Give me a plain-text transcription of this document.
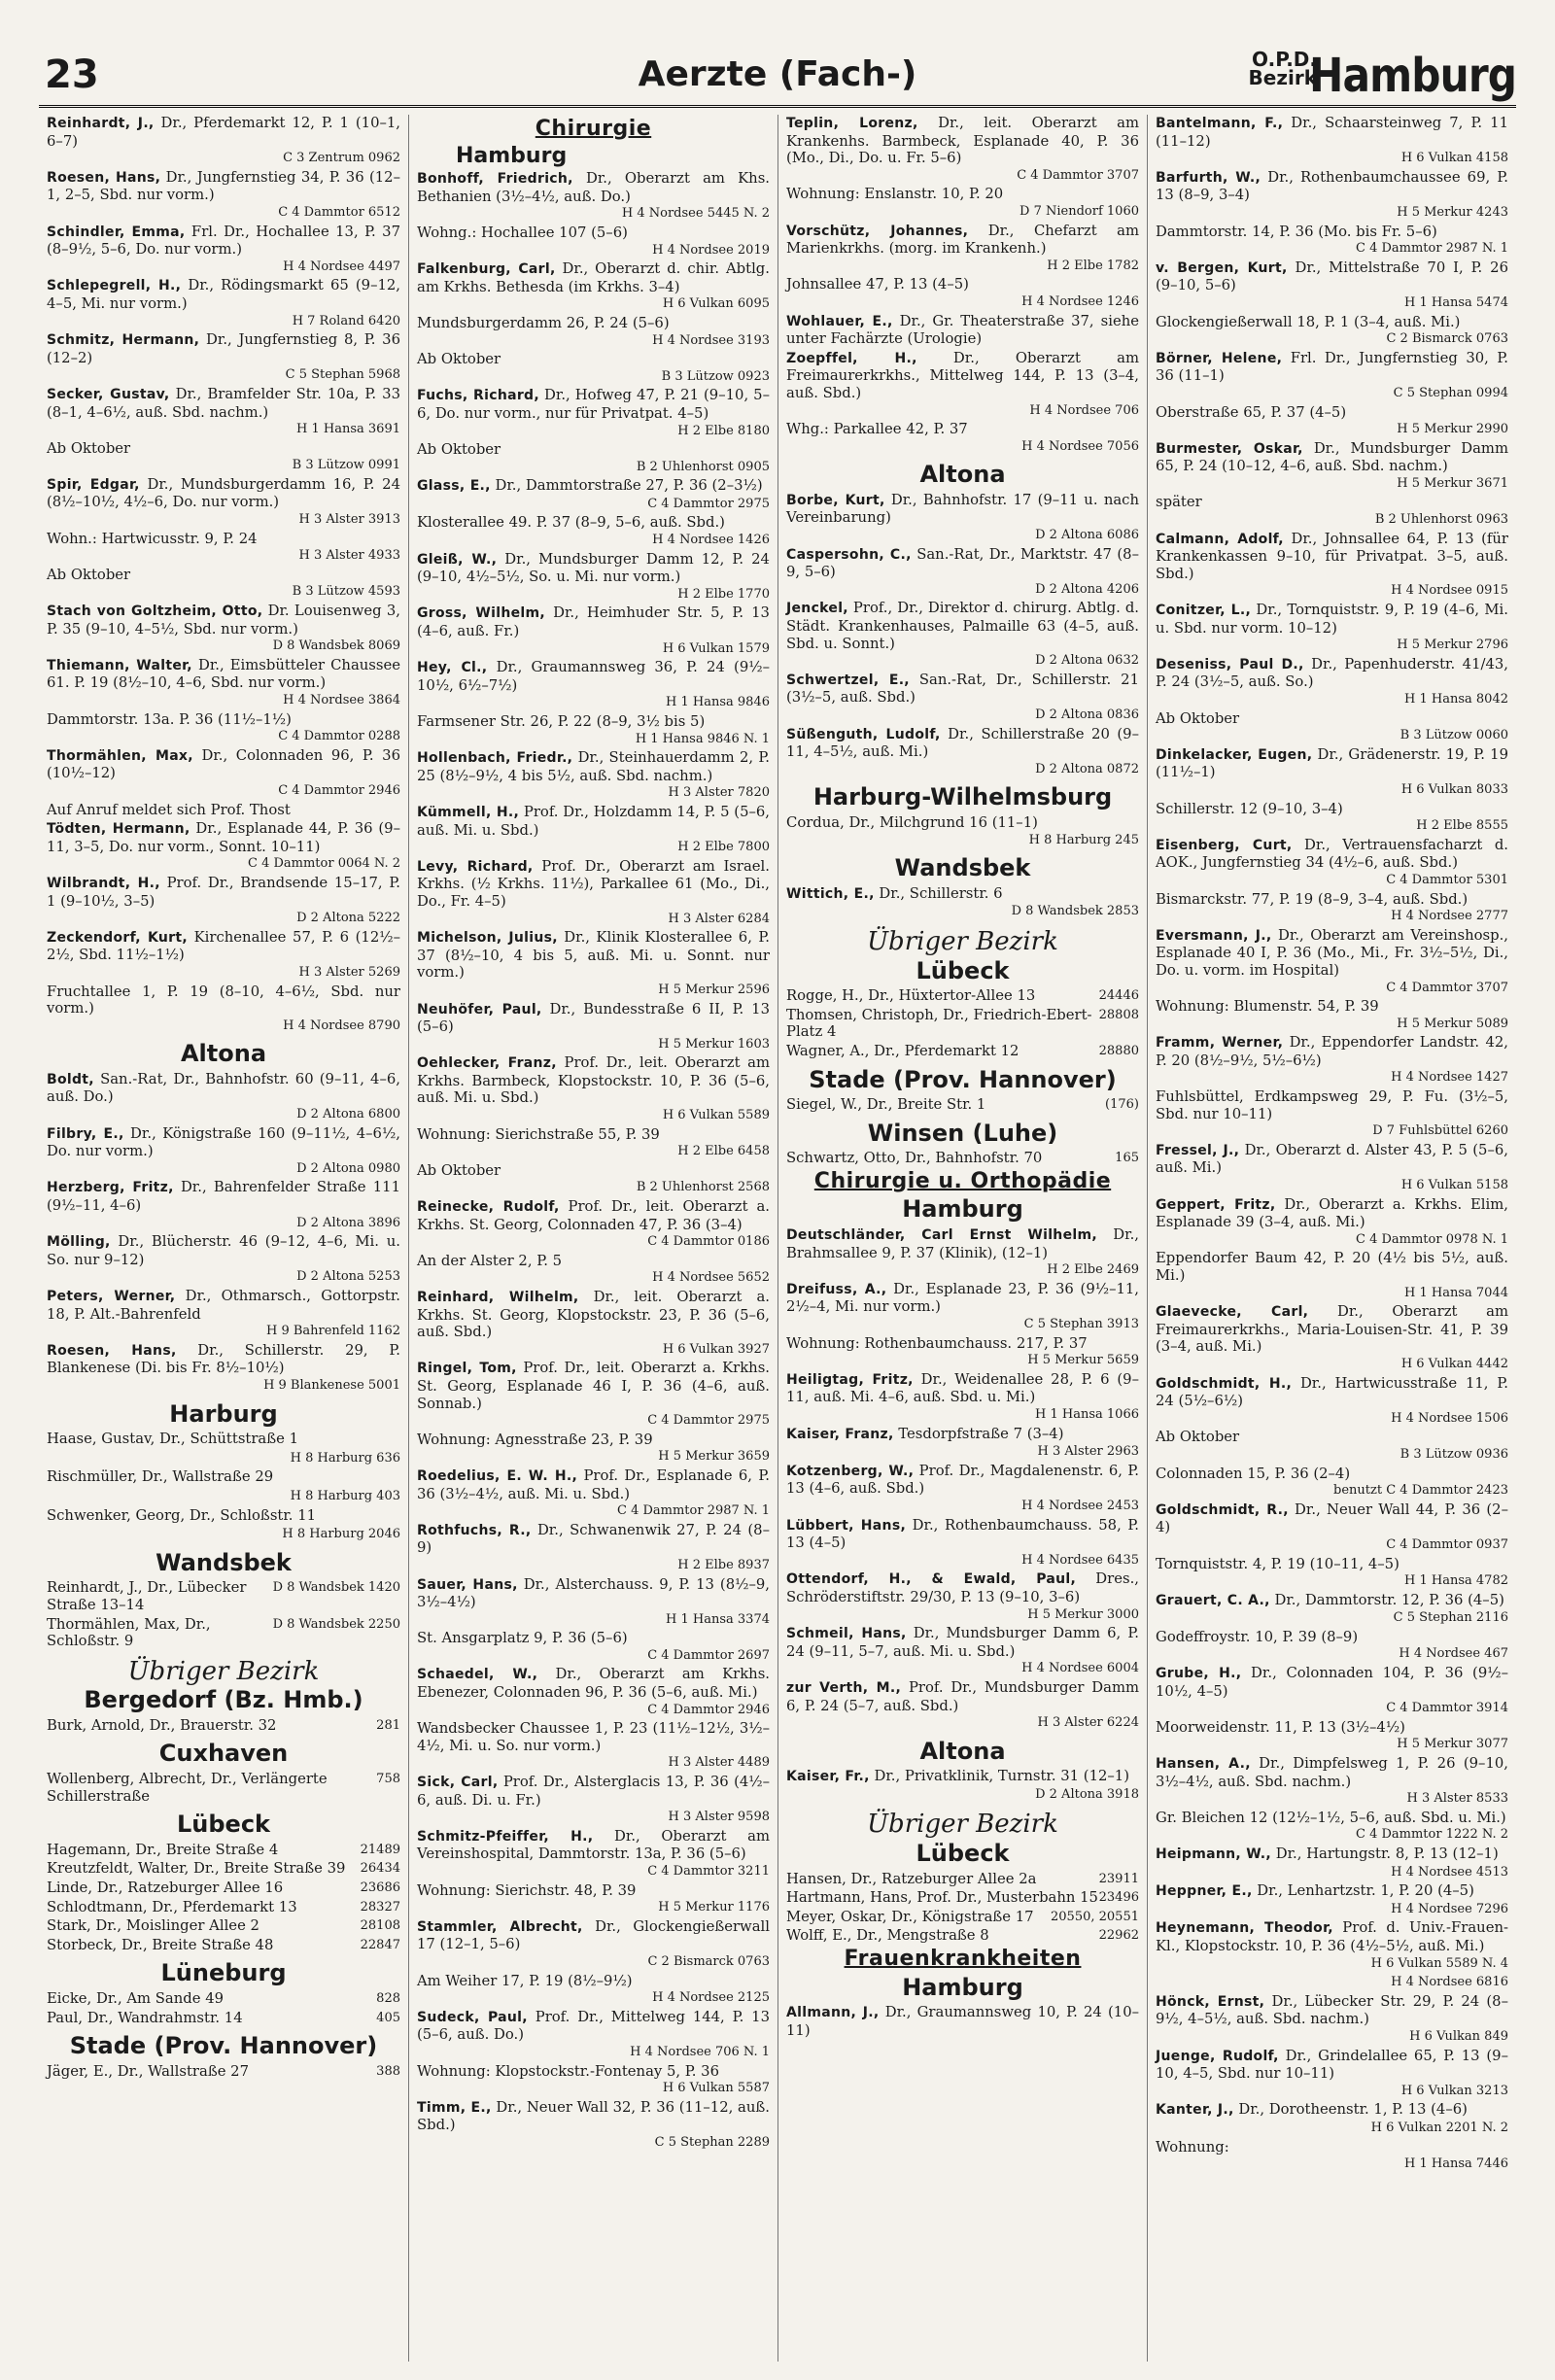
23	Aerzte (Fach-)	O.P.D.
Bezirk
Hamburg
Reinhardt, J., Dr., Pferdemarkt 12, P. 1 (10–1, 6–7)
C 3 Zentrum 0962
Roesen, Hans, Dr., Jungfernstieg 34, P. 36 (12–1, 2–5, Sbd. nur vorm.)
C 4 Dammtor 6512
Schindler, Emma, Frl. Dr., Hochallee 13, P. 37 (8–9½, 5–6, Do. nur vorm.)
H 4 Nordsee 4497
Schlepegrell, H., Dr., Rödingsmarkt 65 (9–12, 4–5, Mi. nur vorm.)
H 7 Roland 6420
Schmitz, Hermann, Dr., Jungfernstieg 8, P. 36 (12–2)
C 5 Stephan 5968
Secker, Gustav, Dr., Bramfelder Str. 10a, P. 33 (8–1, 4–6½, auß. Sbd. nachm.)
H 1 Hansa 3691
Ab Oktober
B 3 Lützow 0991
Spir, Edgar, Dr., Mundsburgerdamm 16, P. 24 (8½–10½, 4½–6, Do. nur vorm.)
H 3 Alster 3913
Wohn.: Hartwicusstr. 9, P. 24
H 3 Alster 4933
Ab Oktober
B 3 Lützow 4593
Stach von Goltzheim, Otto, Dr. Louisenweg 3, P. 35 (9–10, 4–5½, Sbd. nur vorm.)
D 8 Wandsbek 8069
Thiemann, Walter, Dr., Eimsbütteler Chaussee 61. P. 19 (8½–10, 4–6, Sbd. nur vorm.)
H 4 Nordsee 3864
Dammtorstr. 13a. P. 36 (11½–1½)
C 4 Dammtor 0288
Thormählen, Max, Dr., Colonnaden 96, P. 36 (10½–12)
C 4 Dammtor 2946
Auf Anruf meldet sich Prof. Thost
Tödten, Hermann, Dr., Esplanade 44, P. 36 (9–11, 3–5, Do. nur vorm., Sonnt. 10–11)
C 4 Dammtor 0064 N. 2
Wilbrandt, H., Prof. Dr., Brandsende 15–17, P. 1 (9–10½, 3–5)
D 2 Altona 5222
Zeckendorf, Kurt, Kirchenallee 57, P. 6 (12½–2½, Sbd. 11½–1½)
H 3 Alster 5269
Fruchtallee 1, P. 19 (8–10, 4–6½, Sbd. nur vorm.)
H 4 Nordsee 8790
Altona
Boldt, San.-Rat, Dr., Bahnhofstr. 60 (9–11, 4–6, auß. Do.)
D 2 Altona 6800
Filbry, E., Dr., Königstraße 160 (9–11½, 4–6½, Do. nur vorm.)
D 2 Altona 0980
Herzberg, Fritz, Dr., Bahrenfelder Straße 111 (9½–11, 4–6)
D 2 Altona 3896
Mölling, Dr., Blücherstr. 46 (9–12, 4–6, Mi. u. So. nur 9–12)
D 2 Altona 5253
Peters, Werner, Dr., Othmarsch., Gottorpstr. 18, P. Alt.-Bahrenfeld
H 9 Bahrenfeld 1162
Roesen, Hans, Dr., Schillerstr. 29, P. Blankenese (Di. bis Fr. 8½–10½)
H 9 Blankenese 5001
Harburg
Haase, Gustav, Dr., Schüttstraße 1
H 8 Harburg 636
Rischmüller, Dr., Wallstraße 29
H 8 Harburg 403
Schwenker, Georg, Dr., Schloßstr. 11
H 8 Harburg 2046
Wandsbek
D 8 Wandsbek 1420
Reinhardt, J., Dr., Lübecker Straße 13–14
D 8 Wandsbek 2250
Thormählen, Max, Dr., Schloßstr. 9
Übriger Bezirk
Bergedorf (Bz. Hmb.)
281
Burk, Arnold, Dr., Brauerstr. 32
Cuxhaven
758
Wollenberg, Albrecht, Dr., Verlängerte Schillerstraße
Lübeck
21489
Hagemann, Dr., Breite Straße 4
26434
Kreutzfeldt, Walter, Dr., Breite Straße 39
23686
Linde, Dr., Ratzeburger Allee 16
28327
Schlodtmann, Dr., Pferdemarkt 13
28108
Stark, Dr., Moislinger Allee 2
22847
Storbeck, Dr., Breite Straße 48
Lüneburg
828
Eicke, Dr., Am Sande 49
405
Paul, Dr., Wandrahmstr. 14
Stade (Prov. Hannover)
388
Jäger, E., Dr., Wallstraße 27
Chirurgie
Hamburg
Bonhoff, Friedrich, Dr., Oberarzt am Khs. Bethanien (3½–4½, auß. Do.)
H 4 Nordsee 5445 N. 2
Wohng.: Hochallee 107 (5–6)
H 4 Nordsee 2019
Falkenburg, Carl, Dr., Oberarzt d. chir. Abtlg. am Krkhs. Bethesda (im Krkhs. 3–4)
H 6 Vulkan 6095
Mundsburgerdamm 26, P. 24 (5–6)
H 4 Nordsee 3193
Ab Oktober
B 3 Lützow 0923
Fuchs, Richard, Dr., Hofweg 47, P. 21 (9–10, 5–6, Do. nur vorm., nur für Privatpat. 4–5)
H 2 Elbe 8180
Ab Oktober
B 2 Uhlenhorst 0905
Glass, E., Dr., Dammtorstraße 27, P. 36 (2–3½)
C 4 Dammtor 2975
Klosterallee 49. P. 37 (8–9, 5–6, auß. Sbd.)
H 4 Nordsee 1426
Gleiß, W., Dr., Mundsburger Damm 12, P. 24 (9–10, 4½–5½, So. u. Mi. nur vorm.)
H 2 Elbe 1770
Gross, Wilhelm, Dr., Heimhuder Str. 5, P. 13 (4–6, auß. Fr.)
H 6 Vulkan 1579
Hey, Cl., Dr., Graumannsweg 36, P. 24 (9½–10½, 6½–7½)
H 1 Hansa 9846
Farmsener Str. 26, P. 22 (8–9, 3½ bis 5)
H 1 Hansa 9846 N. 1
Hollenbach, Friedr., Dr., Steinhauerdamm 2, P. 25 (8½–9½, 4 bis 5½, auß. Sbd. nachm.)
H 3 Alster 7820
Kümmell, H., Prof. Dr., Holzdamm 14, P. 5 (5–6, auß. Mi. u. Sbd.)
H 2 Elbe 7800
Levy, Richard, Prof. Dr., Oberarzt am Israel. Krkhs. (½ Krkhs. 11½), Parkallee 61 (Mo., Di., Do., Fr. 4–5)
H 3 Alster 6284
Michelson, Julius, Dr., Klinik Klosterallee 6, P. 37 (8½–10, 4 bis 5, auß. Mi. u. Sonnt. nur vorm.)
H 5 Merkur 2596
Neuhöfer, Paul, Dr., Bundesstraße 6 II, P. 13 (5–6)
H 5 Merkur 1603
Oehlecker, Franz, Prof. Dr., leit. Oberarzt am Krkhs. Barmbeck, Klopstockstr. 10, P. 36 (5–6, auß. Mi. u. Sbd.)
H 6 Vulkan 5589
Wohnung: Sierichstraße 55, P. 39
H 2 Elbe 6458
Ab Oktober
B 2 Uhlenhorst 2568
Reinecke, Rudolf, Prof. Dr., leit. Oberarzt a. Krkhs. St. Georg, Colonnaden 47, P. 36 (3–4)
C 4 Dammtor 0186
An der Alster 2, P. 5
H 4 Nordsee 5652
Reinhard, Wilhelm, Dr., leit. Oberarzt a. Krkhs. St. Georg, Klopstockstr. 23, P. 36 (5–6, auß. Sbd.)
H 6 Vulkan 3927
Ringel, Tom, Prof. Dr., leit. Oberarzt a. Krkhs. St. Georg, Esplanade 46 I, P. 36 (4–6, auß. Sonnab.)
C 4 Dammtor 2975
Wohnung: Agnesstraße 23, P. 39
H 5 Merkur 3659
Roedelius, E. W. H., Prof. Dr., Esplanade 6, P. 36 (3½–4½, auß. Mi. u. Sbd.)
C 4 Dammtor 2987 N. 1
Rothfuchs, R., Dr., Schwanenwik 27, P. 24 (8–9)
H 2 Elbe 8937
Sauer, Hans, Dr., Alsterchauss. 9, P. 13 (8½–9, 3½–4½)
H 1 Hansa 3374
St. Ansgarplatz 9, P. 36 (5–6)
C 4 Dammtor 2697
Schaedel, W., Dr., Oberarzt am Krkhs. Ebenezer, Colonnaden 96, P. 36 (5–6, auß. Mi.)
C 4 Dammtor 2946
Wandsbecker Chaussee 1, P. 23 (11½–12½, 3½–4½, Mi. u. So. nur vorm.)
H 3 Alster 4489
Sick, Carl, Prof. Dr., Alsterglacis 13, P. 36 (4½–6, auß. Di. u. Fr.)
H 3 Alster 9598
Schmitz-Pfeiffer, H., Dr., Oberarzt am Vereinshospital, Dammtorstr. 13a, P. 36 (5–6)
C 4 Dammtor 3211
Wohnung: Sierichstr. 48, P. 39
H 5 Merkur 1176
Stammler, Albrecht, Dr., Glockengießerwall 17 (12–1, 5–6)
C 2 Bismarck 0763
Am Weiher 17, P. 19 (8½–9½)
H 4 Nordsee 2125
Sudeck, Paul, Prof. Dr., Mittelweg 144, P. 13 (5–6, auß. Do.)
H 4 Nordsee 706 N. 1
Wohnung: Klopstockstr.-Fontenay 5, P. 36
H 6 Vulkan 5587
Timm, E., Dr., Neuer Wall 32, P. 36 (11–12, auß. Sbd.)
C 5 Stephan 2289
Teplin, Lorenz, Dr., leit. Oberarzt am Krankenhs. Barmbeck, Esplanade 40, P. 36 (Mo., Di., Do. u. Fr. 5–6)
C 4 Dammtor 3707
Wohnung: Enslanstr. 10, P. 20
D 7 Niendorf 1060
Vorschütz, Johannes, Dr., Chefarzt am Marienkrkhs. (morg. im Krankenh.)
H 2 Elbe 1782
Johnsallee 47, P. 13 (4–5)
H 4 Nordsee 1246
Wohlauer, E., Dr., Gr. Theaterstraße 37, siehe unter Fachärzte (Urologie)
Zoepffel, H., Dr., Oberarzt am Freimaurerkrkhs., Mittelweg 144, P. 13 (3–4, auß. Sbd.)
H 4 Nordsee 706
Whg.: Parkallee 42, P. 37
H 4 Nordsee 7056
Altona
Borbe, Kurt, Dr., Bahnhofstr. 17 (9–11 u. nach Vereinbarung)
D 2 Altona 6086
Caspersohn, C., San.-Rat, Dr., Marktstr. 47 (8–9, 5–6)
D 2 Altona 4206
Jenckel, Prof., Dr., Direktor d. chirurg. Abtlg. d. Städt. Krankenhauses, Palmaille 63 (4–5, auß. Sbd. u. Sonnt.)
D 2 Altona 0632
Schwertzel, E., San.-Rat, Dr., Schillerstr. 21 (3½–5, auß. Sbd.)
D 2 Altona 0836
Süßenguth, Ludolf, Dr., Schillerstraße 20 (9–11, 4–5½, auß. Mi.)
D 2 Altona 0872
Harburg-Wilhelmsburg
Cordua, Dr., Milchgrund 16 (11–1)
H 8 Harburg 245
Wandsbek
Wittich, E., Dr., Schillerstr. 6
D 8 Wandsbek 2853
Übriger Bezirk
Lübeck
24446
Rogge, H., Dr., Hüxtertor-Allee 13
28808
Thomsen, Christoph, Dr., Friedrich-Ebert-Platz 4
28880
Wagner, A., Dr., Pferdemarkt 12
Stade (Prov. Hannover)
(176)
Siegel, W., Dr., Breite Str. 1
Winsen (Luhe)
165
Schwartz, Otto, Dr., Bahnhofstr. 70
Chirurgie u. Orthopädie
Hamburg
Deutschländer, Carl Ernst Wilhelm, Dr., Brahmsallee 9, P. 37 (Klinik), (12–1)
H 2 Elbe 2469
Dreifuss, A., Dr., Esplanade 23, P. 36 (9½–11, 2½–4, Mi. nur vorm.)
C 5 Stephan 3913
Wohnung: Rothenbaumchauss. 217, P. 37
H 5 Merkur 5659
Heiligtag, Fritz, Dr., Weidenallee 28, P. 6 (9–11, auß. Mi. 4–6, auß. Sbd. u. Mi.)
H 1 Hansa 1066
Kaiser, Franz, Tesdorpfstraße 7 (3–4)
H 3 Alster 2963
Kotzenberg, W., Prof. Dr., Magdalenenstr. 6, P. 13 (4–6, auß. Sbd.)
H 4 Nordsee 2453
Lübbert, Hans, Dr., Rothenbaumchauss. 58, P. 13 (4–5)
H 4 Nordsee 6435
Ottendorf, H., & Ewald, Paul, Dres., Schröderstiftstr. 29/30, P. 13 (9–10, 3–6)
H 5 Merkur 3000
Schmeil, Hans, Dr., Mundsburger Damm 6, P. 24 (9–11, 5–7, auß. Mi. u. Sbd.)
H 4 Nordsee 6004
zur Verth, M., Prof. Dr., Mundsburger Damm 6, P. 24 (5–7, auß. Sbd.)
H 3 Alster 6224
Altona
Kaiser, Fr., Dr., Privatklinik, Turnstr. 31 (12–1)
D 2 Altona 3918
Übriger Bezirk
Lübeck
23911
Hansen, Dr., Ratzeburger Allee 2a
23496
Hartmann, Hans, Prof. Dr., Musterbahn 15
20550, 20551
Meyer, Oskar, Dr., Königstraße 17
22962
Wolff, E., Dr., Mengstraße 8
Frauenkrankheiten
Hamburg
Allmann, J., Dr., Graumannsweg 10, P. 24 (10–11)
Bantelmann, F., Dr., Schaarsteinweg 7, P. 11 (11–12)
H 6 Vulkan 4158
Barfurth, W., Dr., Rothenbaumchaussee 69, P. 13 (8–9, 3–4)
H 5 Merkur 4243
Dammtorstr. 14, P. 36 (Mo. bis Fr. 5–6)
C 4 Dammtor 2987 N. 1
v. Bergen, Kurt, Dr., Mittelstraße 70 I, P. 26 (9–10, 5–6)
H 1 Hansa 5474
Glockengießerwall 18, P. 1 (3–4, auß. Mi.)
C 2 Bismarck 0763
Börner, Helene, Frl. Dr., Jungfernstieg 30, P. 36 (11–1)
C 5 Stephan 0994
Oberstraße 65, P. 37 (4–5)
H 5 Merkur 2990
Burmester, Oskar, Dr., Mundsburger Damm 65, P. 24 (10–12, 4–6, auß. Sbd. nachm.)
H 5 Merkur 3671
später
B 2 Uhlenhorst 0963
Calmann, Adolf, Dr., Johnsallee 64, P. 13 (für Krankenkassen 9–10, für Privatpat. 3–5, auß. Sbd.)
H 4 Nordsee 0915
Conitzer, L., Dr., Tornquiststr. 9, P. 19 (4–6, Mi. u. Sbd. nur vorm. 10–12)
H 5 Merkur 2796
Deseniss, Paul D., Dr., Papenhuderstr. 41/43, P. 24 (3½–5, auß. So.)
H 1 Hansa 8042
Ab Oktober
B 3 Lützow 0060
Dinkelacker, Eugen, Dr., Grädenerstr. 19, P. 19 (11½–1)
H 6 Vulkan 8033
Schillerstr. 12 (9–10, 3–4)
H 2 Elbe 8555
Eisenberg, Curt, Dr., Vertrauensfacharzt d. AOK., Jungfernstieg 34 (4½–6, auß. Sbd.)
C 4 Dammtor 5301
Bismarckstr. 77, P. 19 (8–9, 3–4, auß. Sbd.)
H 4 Nordsee 2777
Eversmann, J., Dr., Oberarzt am Vereinshosp., Esplanade 40 I, P. 36 (Mo., Mi., Fr. 3½–5½, Di., Do. u. vorm. im Hospital)
C 4 Dammtor 3707
Wohnung: Blumenstr. 54, P. 39
H 5 Merkur 5089
Framm, Werner, Dr., Eppendorfer Landstr. 42, P. 20 (8½–9½, 5½–6½)
H 4 Nordsee 1427
Fuhlsbüttel, Erdkampsweg 29, P. Fu. (3½–5, Sbd. nur 10–11)
D 7 Fuhlsbüttel 6260
Fressel, J., Dr., Oberarzt d. Alster 43, P. 5 (5–6, auß. Mi.)
H 6 Vulkan 5158
Geppert, Fritz, Dr., Oberarzt a. Krkhs. Elim, Esplanade 39 (3–4, auß. Mi.)
C 4 Dammtor 0978 N. 1
Eppendorfer Baum 42, P. 20 (4½ bis 5½, auß. Mi.)
H 1 Hansa 7044
Glaevecke, Carl, Dr., Oberarzt am Freimaurerkrkhs., Maria-Louisen-Str. 41, P. 39 (3–4, auß. Mi.)
H 6 Vulkan 4442
Goldschmidt, H., Dr., Hartwicusstraße 11, P. 24 (5½–6½)
H 4 Nordsee 1506
Ab Oktober
B 3 Lützow 0936
Colonnaden 15, P. 36 (2–4)
benutzt C 4 Dammtor 2423
Goldschmidt, R., Dr., Neuer Wall 44, P. 36 (2–4)
C 4 Dammtor 0937
Tornquiststr. 4, P. 19 (10–11, 4–5)
H 1 Hansa 4782
Grauert, C. A., Dr., Dammtorstr. 12, P. 36 (4–5)
C 5 Stephan 2116
Godeffroystr. 10, P. 39 (8–9)
H 4 Nordsee 467
Grube, H., Dr., Colonnaden 104, P. 36 (9½–10½, 4–5)
C 4 Dammtor 3914
Moorweidenstr. 11, P. 13 (3½–4½)
H 5 Merkur 3077
Hansen, A., Dr., Dimpfelsweg 1, P. 26 (9–10, 3½–4½, auß. Sbd. nachm.)
H 3 Alster 8533
Gr. Bleichen 12 (12½–1½, 5–6, auß. Sbd. u. Mi.)
C 4 Dammtor 1222 N. 2
Heipmann, W., Dr., Hartungstr. 8, P. 13 (12–1)
H 4 Nordsee 4513
Heppner, E., Dr., Lenhartzstr. 1, P. 20 (4–5)
H 4 Nordsee 7296
Heynemann, Theodor, Prof. d. Univ.-Frauen-Kl., Klopstockstr. 10, P. 36 (4½–5½, auß. Mi.)
H 6 Vulkan 5589 N. 4
H 4 Nordsee 6816
Hönck, Ernst, Dr., Lübecker Str. 29, P. 24 (8–9½, 4–5½, auß. Sbd. nachm.)
H 6 Vulkan 849
Juenge, Rudolf, Dr., Grindelallee 65, P. 13 (9–10, 4–5, Sbd. nur 10–11)
H 6 Vulkan 3213
Kanter, J., Dr., Dorotheenstr. 1, P. 13 (4–6)
H 6 Vulkan 2201 N. 2
Wohnung:
H 1 Hansa 7446
